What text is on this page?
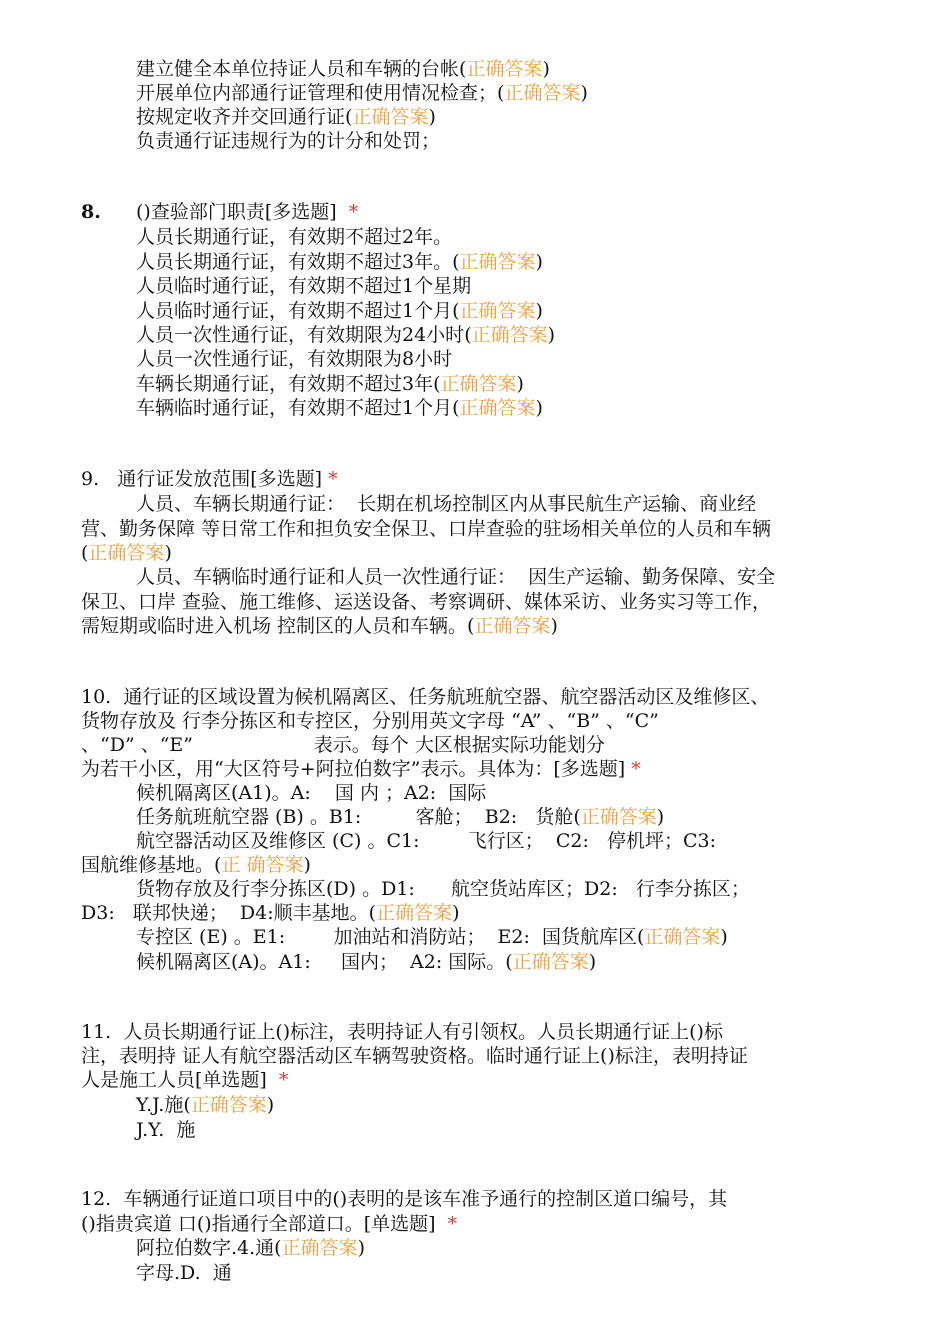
建立健全本单位持证人员和车辆的台帐(正确答案)
开展单位内部通行证管理和使用情况检查；(正确答案)
按规定收齐并交回通行证(正确答案)
负责通行证违规行为的计分和处罚；
8. ()查验部门职责[多选题] *
人员长期通行证，有效期不超过2年。
人员长期通行证，有效期不超过3年。(正确答案)
人员临时通行证，有效期不超过1个星期
人员临时通行证，有效期不超过1个月(正确答案)
人员一次性通行证，有效期限为24小时(正确答案)
人员一次性通行证，有效期限为8小时
车辆长期通行证，有效期不超过3年(正确答案)
车辆临时通行证，有效期不超过1个月(正确答案)
9. 通行证发放范围[多选题] *
人员、车辆长期通行证：  长期在机场控制区内从事民航生产运输、商业经
营、勤务保障 等日常工作和担负安全保卫、口岸查验的驻场相关单位的人员和车辆
(正确答案)
人员、车辆临时通行证和人员一次性通行证：  因生产运输、勤务保障、安全
保卫、口岸 查验、施工维修、运送设备、考察调研、媒体采访、业务实习等工作，
需短期或临时进入机场 控制区的人员和车辆。(正确答案)
10. 通行证的区域设置为候机隔离区、任务航班航空器、航空器活动区及维修区、
货物存放及 行李分拣区和专控区，分别用英文字母 “A” 、“B” 、“C”
、“D” 、“E”                    表示。每个 大区根据实际功能划分
为若干小区，用“大区符号+阿拉伯数字”表示。具体为：[多选题] *
候机隔离区(A1)。A:    国 内 ；A2:  国际
任务航班航空器 (B) 。B1:         客舱；  B2:   货舱(正确答案)
航空器活动区及维修区 (C) 。C1:        飞行区；  C2:   停机坪；C3:
国航维修基地。(正 确答案)
货物存放及行李分拣区(D) 。D1:      航空货站库区；D2:   行李分拣区；
D3:   联邦快递；  D4:顺丰基地。(正确答案)
专控区 (E) 。E1:        加油站和消防站；  E2:  国货航库区(正确答案)
候机隔离区(A)。A1:     国内；  A2: 国际。(正确答案)
11. 人员长期通行证上()标注，表明持证人有引领权。人员长期通行证上()标
注，表明持 证人有航空器活动区车辆驾驶资格。临时通行证上()标注，表明持证
人是施工人员[单选题] *
Y.J.施(正确答案)
J.Y.  施
12. 车辆通行证道口项目中的()表明的是该车准予通行的控制区道口编号，其
()指贵宾道 口()指通行全部道口。[单选题] *
阿拉伯数字.4.通(正确答案)
字母.D.  通
